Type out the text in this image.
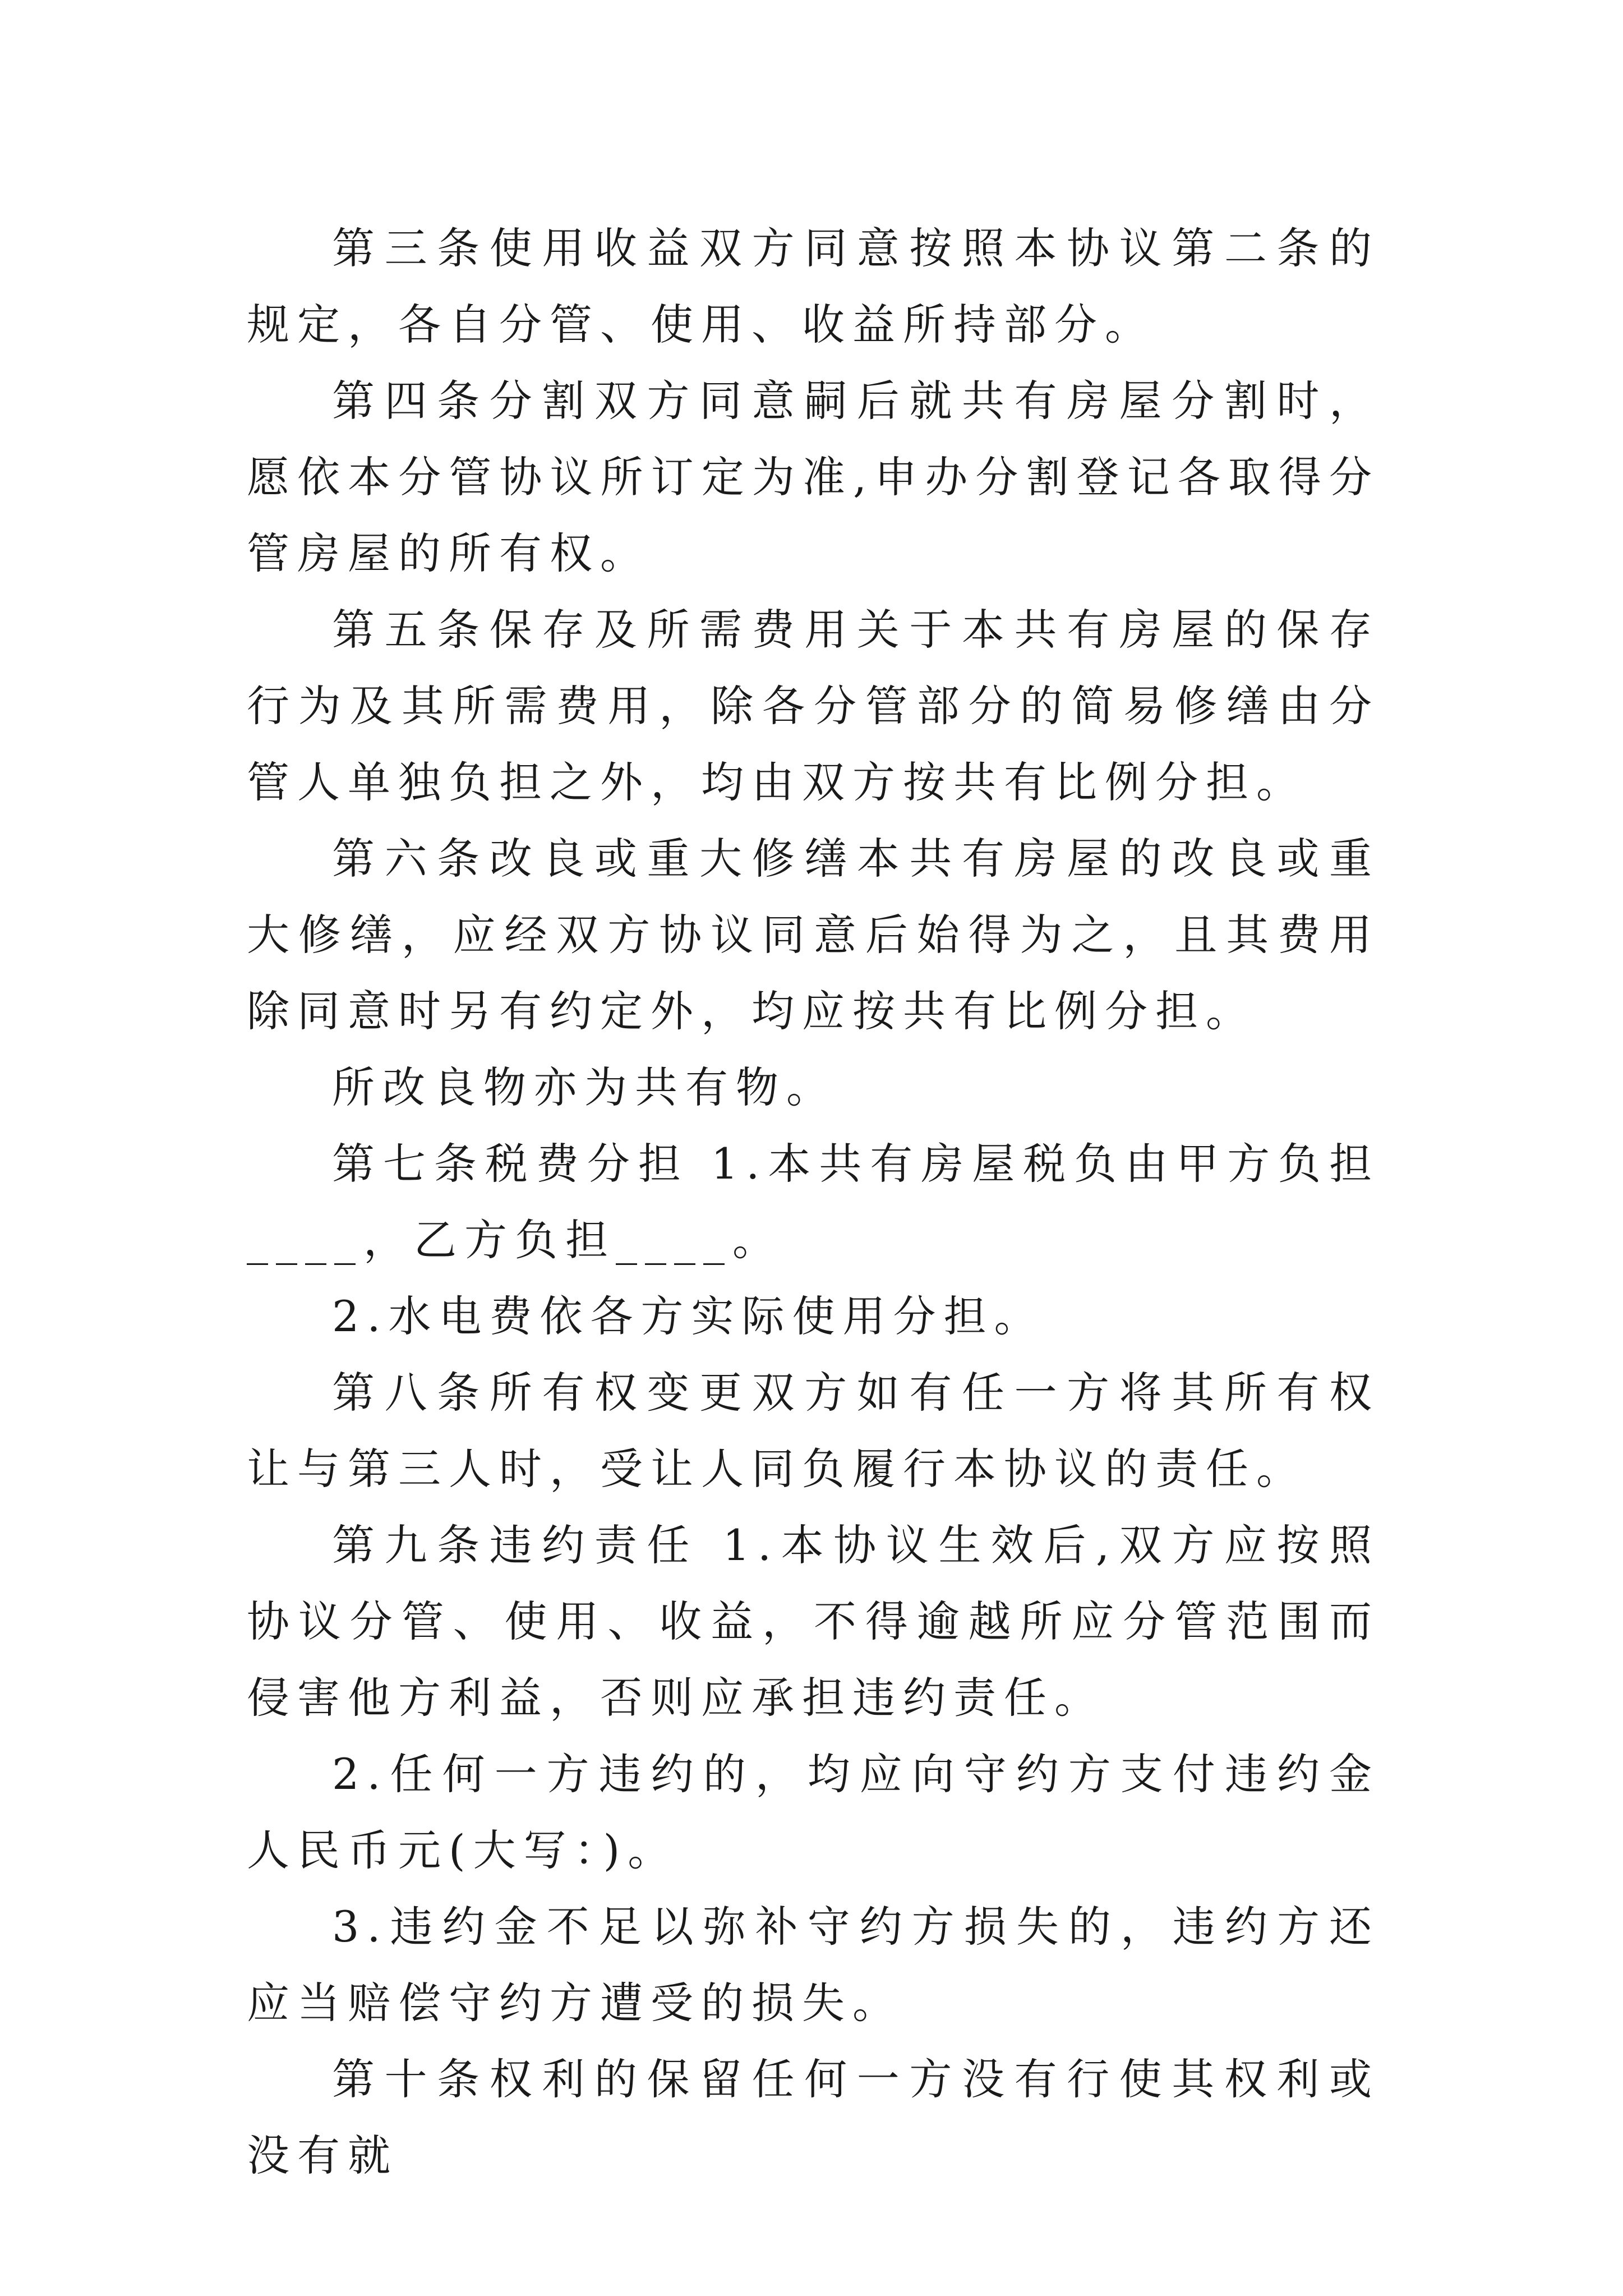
第三条使用收益双方同意按照本协议第二条的规定，各自分管、使用、收益所持部分。

第四条分割双方同意嗣后就共有房屋分割时，愿依本分管协议所订定为准,申办分割登记各取得分管房屋的所有权。

第五条保存及所需费用关于本共有房屋的保存行为及其所需费用，除各分管部分的简易修缮由分管人单独负担之外，均由双方按共有比例分担。

第六条改良或重大修缮本共有房屋的改良或重大修缮，应经双方协议同意后始得为之，且其费用除同意时另有约定外，均应按共有比例分担。

所改良物亦为共有物。

第七条税费分担 1.本共有房屋税负由甲方负担____，乙方负担____。

2.水电费依各方实际使用分担。

第八条所有权变更双方如有任一方将其所有权让与第三人时，受让人同负履行本协议的责任。

第九条违约责任 1.本协议生效后,双方应按照协议分管、使用、收益，不得逾越所应分管范围而侵害他方利益，否则应承担违约责任。

2.任何一方违约的，均应向守约方支付违约金人民币元(大写：)。

3.违约金不足以弥补守约方损失的，违约方还应当赔偿守约方遭受的损失。

第十条权利的保留任何一方没有行使其权利或没有就
